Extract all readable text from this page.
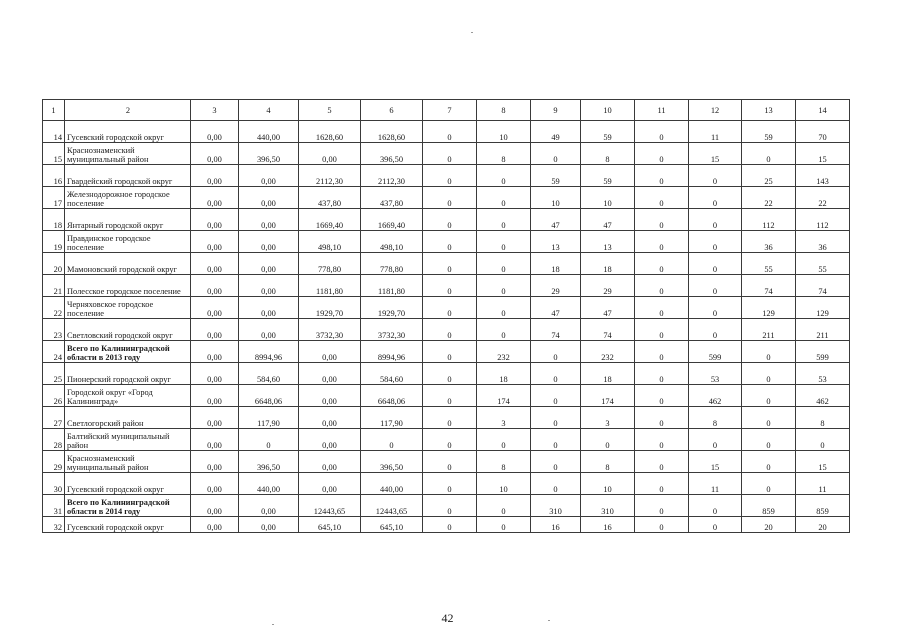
1	2	3	4	5	6	7	8	9	10	11	12	13	14
14	Гусевский городской округ	0,00	440,00	1628,60	1628,60	0	10	49	59	0	11	59	70
15	Краснознаменский муниципальный район	0,00	396,50	0,00	396,50	0	8	0	8	0	15	0	15
16	Гвардейский городской округ	0,00	0,00	2112,30	2112,30	0	0	59	59	0	0	25	143
17	Железнодорожное городское поселение	0,00	0,00	437,80	437,80	0	0	10	10	0	0	22	22
18	Янтарный городской округ	0,00	0,00	1669,40	1669,40	0	0	47	47	0	0	112	112
19	Правдинское городское поселение	0,00	0,00	498,10	498,10	0	0	13	13	0	0	36	36
20	Мамоновский городской округ	0,00	0,00	778,80	778,80	0	0	18	18	0	0	55	55
21	Полесское городское поселение	0,00	0,00	1181,80	1181,80	0	0	29	29	0	0	74	74
22	Черняховское городское поселение	0,00	0,00	1929,70	1929,70	0	0	47	47	0	0	129	129
23	Светловский городской округ	0,00	0,00	3732,30	3732,30	0	0	74	74	0	0	211	211
24	Всего по Калининградской области в 2013 году	0,00	8994,96	0,00	8994,96	0	232	0	232	0	599	0	599
25	Пионерский городской округ	0,00	584,60	0,00	584,60	0	18	0	18	0	53	0	53
26	Городской округ «Город Калининград»	0,00	6648,06	0,00	6648,06	0	174	0	174	0	462	0	462
27	Светлогорский район	0,00	117,90	0,00	117,90	0	3	0	3	0	8	0	8
28	Балтийский муниципальный район	0,00	0	0,00	0	0	0	0	0	0	0	0	0
29	Краснознаменский муниципальный район	0,00	396,50	0,00	396,50	0	8	0	8	0	15	0	15
30	Гусевский городской округ	0,00	440,00	0,00	440,00	0	10	0	10	0	11	0	11
31	Всего по Калининградской области в 2014 году	0,00	0,00	12443,65	12443,65	0	0	310	310	0	0	859	859
32	Гусевский городской округ	0,00	0,00	645,10	645,10	0	0	16	16	0	0	20	20
42
